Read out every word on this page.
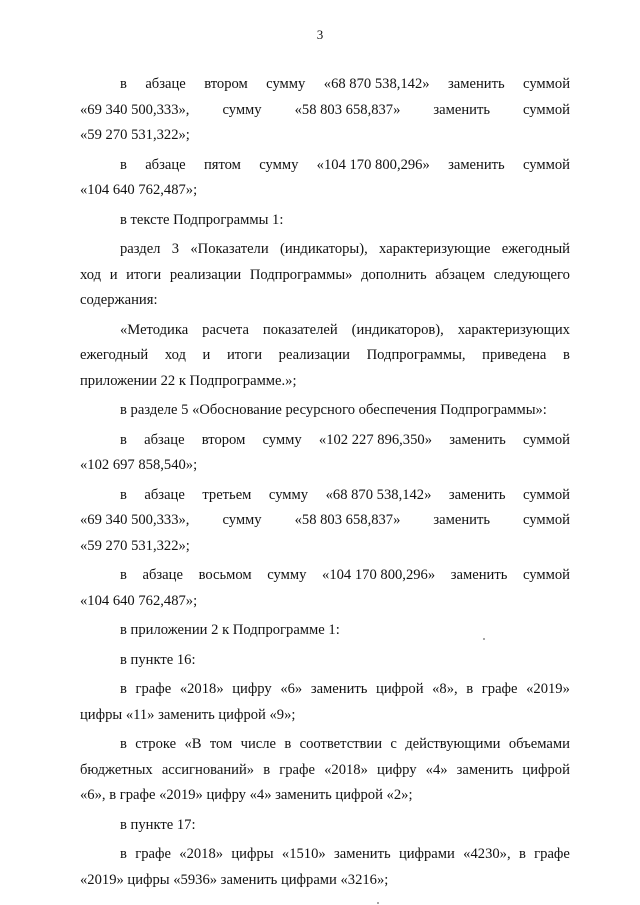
3
в абзаце втором сумму «68 870 538,142» заменить суммой
«69 340 500,333», сумму «58 803 658,837» заменить суммой
«59 270 531,322»;
в абзаце пятом сумму «104 170 800,296» заменить суммой
«104 640 762,487»;
в тексте Подпрограммы 1:
раздел 3 «Показатели (индикаторы), характеризующие ежегодный
ход и итоги реализации Подпрограммы» дополнить абзацем следующего
содержания:
«Методика расчета показателей (индикаторов), характеризующих
ежегодный ход и итоги реализации Подпрограммы, приведена в
приложении 22 к Подпрограмме.»;
в разделе 5 «Обоснование ресурсного обеспечения Подпрограммы»:
в абзаце втором сумму «102 227 896,350» заменить суммой
«102 697 858,540»;
в абзаце третьем сумму «68 870 538,142» заменить суммой
«69 340 500,333», сумму «58 803 658,837» заменить суммой
«59 270 531,322»;
в абзаце восьмом сумму «104 170 800,296» заменить суммой
«104 640 762,487»;
в приложении 2 к Подпрограмме 1:
в пункте 16:
в графе «2018» цифру «6» заменить цифрой «8», в графе «2019»
цифры «11» заменить цифрой «9»;
в строке «В том числе в соответствии с действующими объемами
бюджетных ассигнований» в графе «2018» цифру «4» заменить цифрой
«6», в графе «2019» цифру «4» заменить цифрой «2»;
в пункте 17:
в графе «2018» цифры «1510» заменить цифрами «4230», в графе
«2019» цифры «5936» заменить цифрами «3216»;
